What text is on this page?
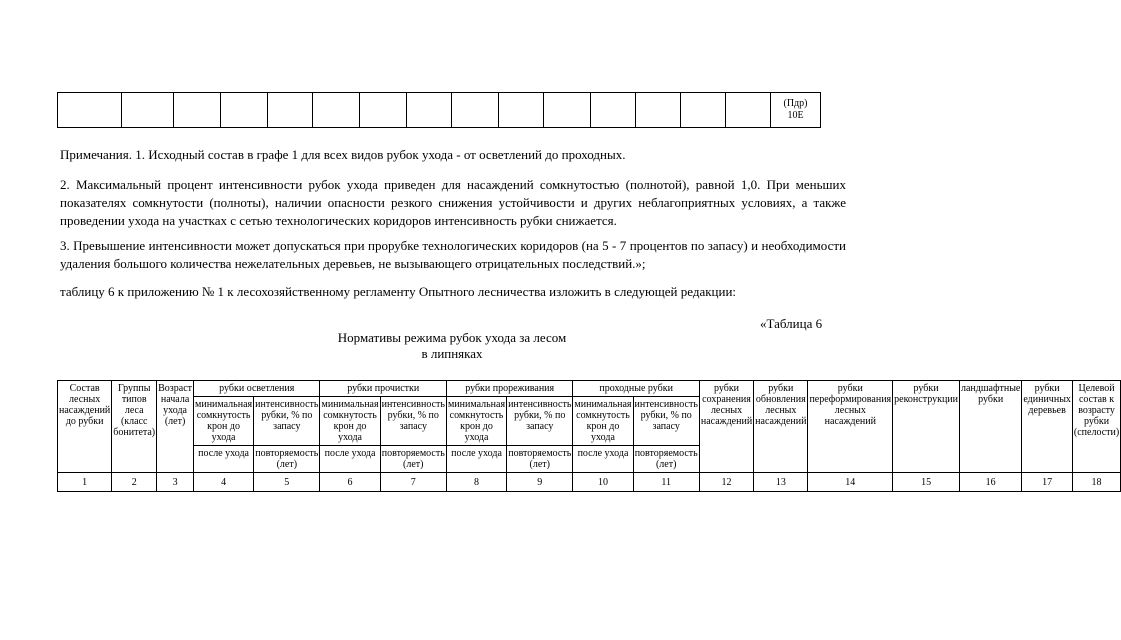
															(Пдр)
10Е
Примечания. 1. Исходный состав в графе 1 для всех видов рубок ухода - от осветлений до проходных.
2. Максимальный процент интенсивности рубок ухода приведен для насаждений сомкнутостью (полнотой), равной 1,0. При меньших показателях сомкнутости (полноты), наличии опасности резкого снижения устойчивости и других неблагоприятных условиях, а также проведении ухода на участках с сетью технологических коридоров интенсивность рубки снижается.
3. Превышение интенсивности может допускаться при прорубке технологических коридоров (на 5 - 7 процентов по запасу) и необходимости удаления большого количества нежелательных деревьев, не вызывающего отрицательных последствий.»;
таблицу 6 к приложению № 1 к лесохозяйственному регламенту Опытного лесничества изложить в следующей редакции:
«Таблица 6
Нормативы режима рубок ухода за лесом
в липняках
Состав лесных насаждений до рубки	Группы типов леса (класс бонитета)	Возраст начала ухода (лет)	рубки осветления		рубки прочистки		рубки прореживания		проходные рубки		рубки сохранения лесных насаждений	рубки обновления лесных насаждений	рубки переформирования лесных насаждений	рубки реконструкции	ландшафтные рубки	рубки единичных деревьев	Целевой состав к возрасту рубки (спелости)
			минимальная сомкнутость крон до ухода	интенсивность рубки, % по запасу	минимальная сомкнутость крон до ухода	интенсивность рубки, % по запасу	минимальная сомкнутость крон до ухода	интенсивность рубки, % по запасу	минимальная сомкнутость крон до ухода	интенсивность рубки, % по запасу							
			после ухода	повторяемость (лет)	после ухода	повторяемость (лет)	после ухода	повторяемость (лет)	после ухода	повторяемость (лет)							
1	2	3	4	5	6	7	8	9	10	11	12	13	14	15	16	17	18
